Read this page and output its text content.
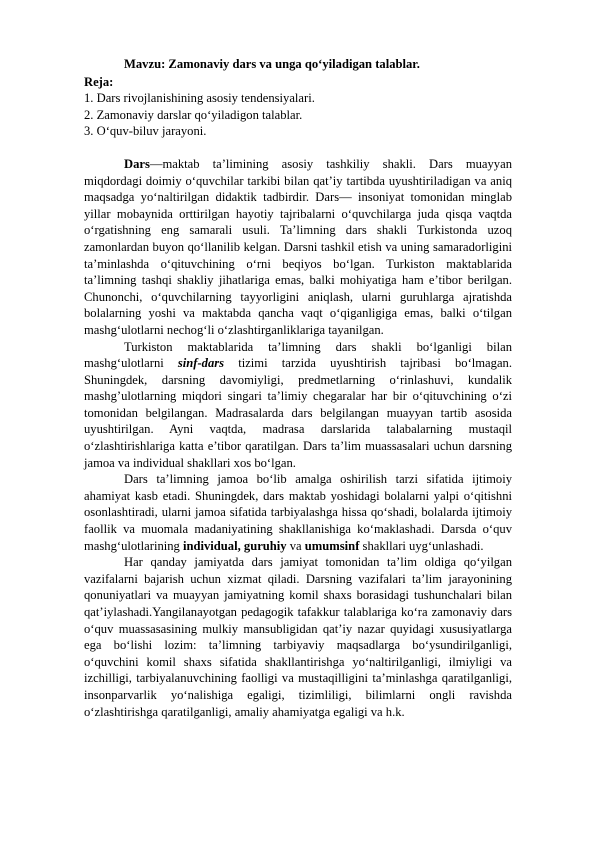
Mavzu: Zamonaviy dars va unga qo‘yiladigan talablar.
Reja:
1. Dars rivojlanishining asosiy tendensiyalari.
2. Zamonaviy darslar qo‘yiladigon talablar.
3. O‘quv-biluv jarayoni.

Dars—maktab ta’limining asosiy tashkiliy shakli. Dars muayyan miqdordagi doimiy o‘quvchilar tarkibi bilan qat’iy tartibda uyushtiriladigan va aniq maqsadga yo‘naltirilgan didaktik tadbirdir. Dars— insoniyat tomonidan minglab yillar mobaynida orttirilgan hayotiy tajribalarni o‘quvchilarga juda qisqa vaqtda o‘rgatishning eng samarali usuli. Ta’limning dars shakli Turkistonda uzoq zamonlardan buyon qo‘llanilib kelgan. Darsni tashkil etish va uning samaradorligini ta’minlashda o‘qituvchining o‘rni beqiyos bo‘lgan. Turkiston maktablarida ta’limning tashqi shakliy jihatlariga emas, balki mohiyatiga ham e’tibor berilgan. Chunonchi, o‘quvchilarning tayyorligini aniqlash, ularni guruhlarga ajratishda bolalarning yoshi va maktabda qancha vaqt o‘qiganligiga emas, balki o‘tilgan mashg‘ulotlarni nechog‘li o‘zlashtirganliklariga tayanilgan.

Turkiston maktablarida ta’limning dars shakli bo‘lganligi bilan mashg‘ulotlarni sinf-dars tizimi tarzida uyushtirish tajribasi bo‘lmagan. Shuningdek, darsning davomiyligi, predmetlarning o‘rinlashuvi, kundalik mashg’ulotlarning miqdori singari ta’limiy chegaralar har bir o‘qituvchining o‘zi tomonidan belgilangan. Madrasalarda dars belgilangan muayyan tartib asosida uyushtirilgan. Ayni vaqtda, madrasa darslarida talabalarning mustaqil o‘zlashtirishlariga katta e’tibor qaratilgan. Dars ta’lim muassasalari uchun darsning jamoa va individual shakllari xos bo‘lgan.

Dars ta’limning jamoa bo‘lib amalga oshirilish tarzi sifatida ijtimoiy ahamiyat kasb etadi. Shuningdek, dars maktab yoshidagi bolalarni yalpi o‘qitishni osonlashtiradi, ularni jamoa sifatida tarbiyalashga hissa qo‘shadi, bolalarda ijtimoiy faollik va muomala madaniyatining shakllanishiga ko‘maklashadi. Darsda o‘quv mashg‘ulotlarining individual, guruhiy va umumsinf shakllari uyg‘unlashadi.

Har qanday jamiyatda dars jamiyat tomonidan ta’lim oldiga qo‘yilgan vazifalarni bajarish uchun xizmat qiladi. Darsning vazifalari ta’lim jarayonining qonuniyatlari va muayyan jamiyatning komil shaxs borasidagi tushunchalari bilan qat’iylashadi.Yangilanayotgan pedagogik tafakkur talablariga ko‘ra zamonaviy dars o‘quv muassasasining mulkiy mansubligidan qat’iy nazar quyidagi xususiyatlarga ega bo‘lishi lozim: ta’limning tarbiyaviy maqsadlarga bo‘ysundirilganligi, o‘quvchini komil shaxs sifatida shakllantirishga yo‘naltirilganligi, ilmiyligi va izchilligi, tarbiyalanuvchining faolligi va mustaqilligini ta’minlashga qaratilganligi, insonparvarlik yo‘nalishiga egaligi, tizimliligi, bilimlarni ongli ravishda o‘zlashtirishga qaratilganligi, amaliy ahamiyatga egaligi va h.k.
